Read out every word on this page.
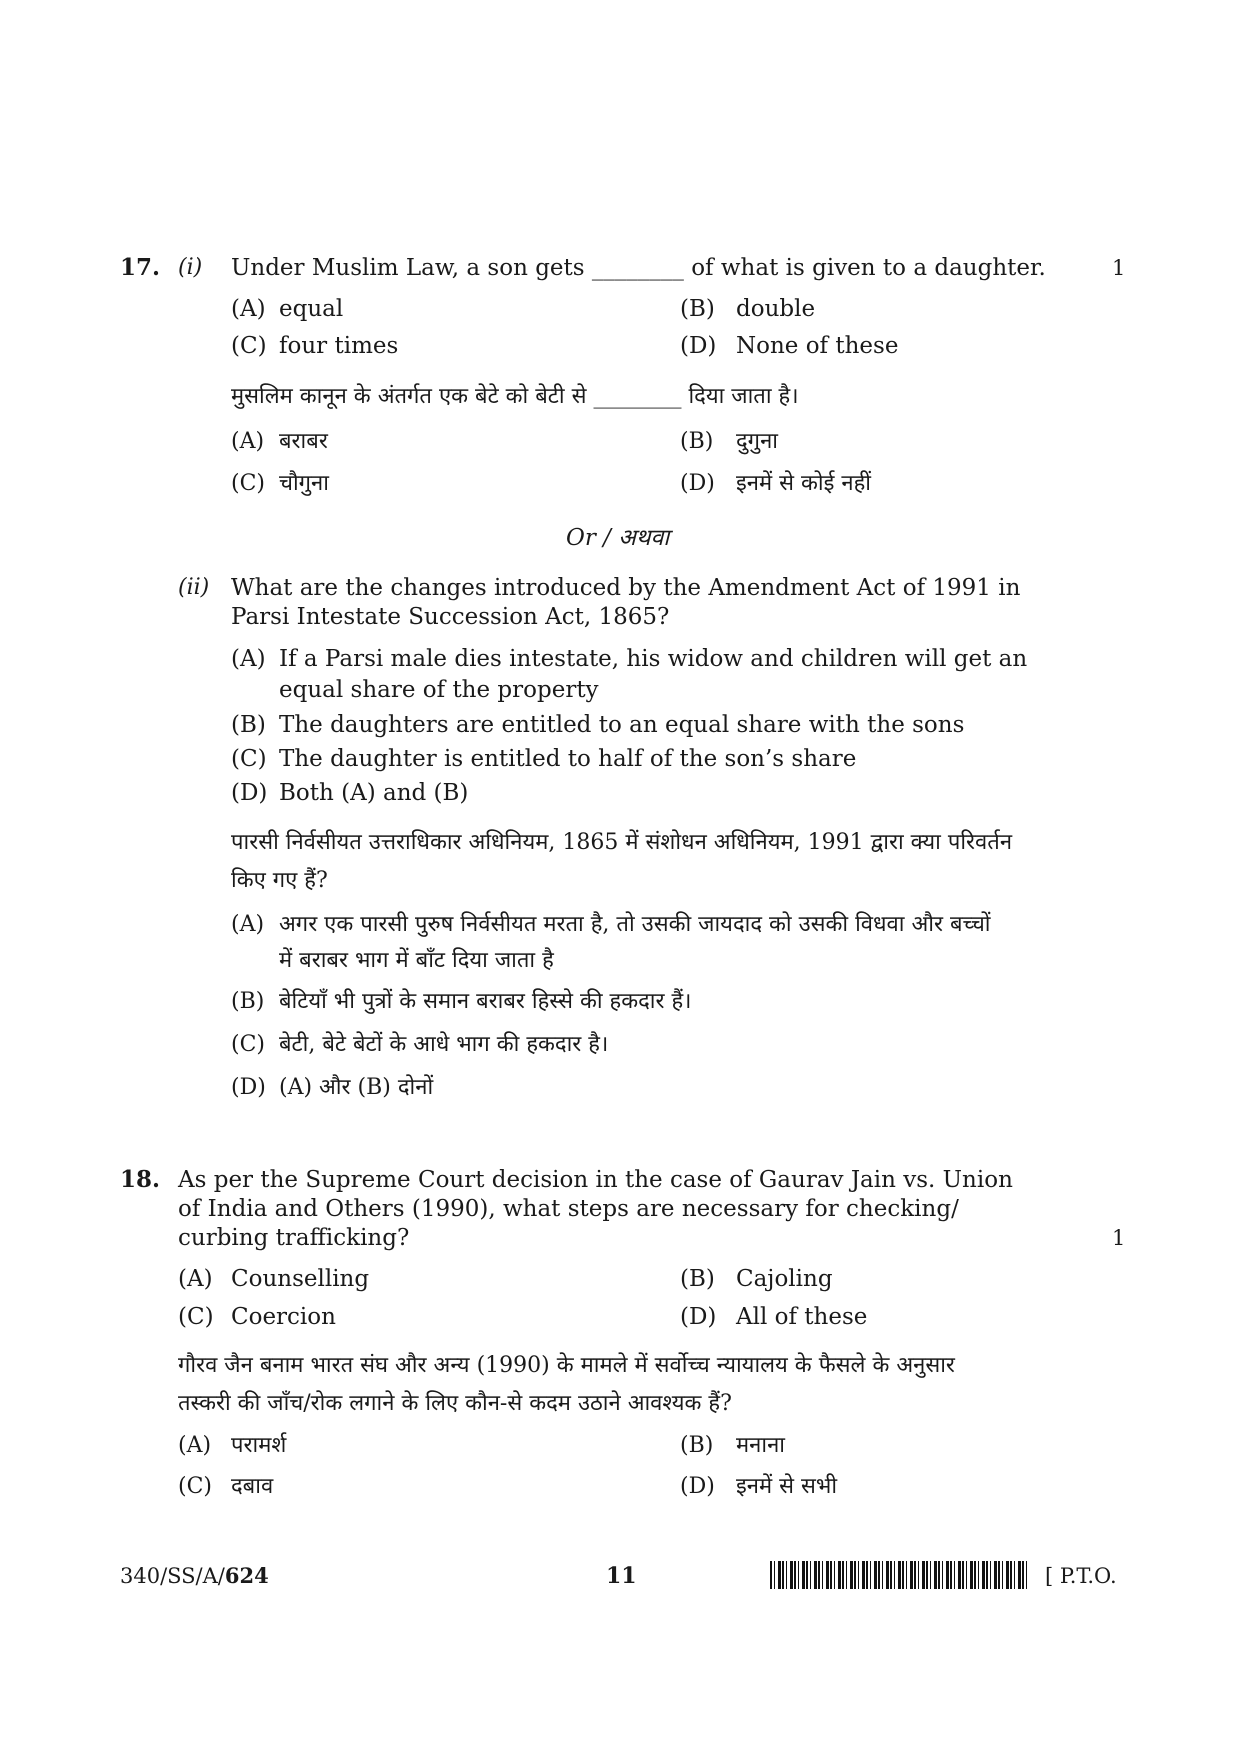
17. (i) Under Muslim Law, a son gets ________ of what is given to a daughter.	1
(A) equal	(B) double
(C) four times	(D) None of these
मुसलिम कानून के अंतर्गत एक बेटे को बेटी से ________ दिया जाता है।
(A) बराबर	(B) दुगुना
(C) चौगुना	(D) इनमें से कोई नहीं
Or / अथवा
(ii) What are the changes introduced by the Amendment Act of 1991 in
Parsi Intestate Succession Act, 1865?
(A) If a Parsi male dies intestate, his widow and children will get an
equal share of the property
(B) The daughters are entitled to an equal share with the sons
(C) The daughter is entitled to half of the son’s share
(D) Both (A) and (B)
पारसी निर्वसीयत उत्तराधिकार अधिनियम, 1865 में संशोधन अधिनियम, 1991 द्वारा क्या परिवर्तन
किए गए हैं?
(A) अगर एक पारसी पुरुष निर्वसीयत मरता है, तो उसकी जायदाद को उसकी विधवा और बच्चों
में बराबर भाग में बाँट दिया जाता है
(B) बेटियाँ भी पुत्रों के समान बराबर हिस्से की हकदार हैं।
(C) बेटी, बेटे बेटों के आधे भाग की हकदार है।
(D) (A) और (B) दोनों
18. As per the Supreme Court decision in the case of Gaurav Jain vs. Union
of India and Others (1990), what steps are necessary for checking/
curbing trafficking?	1
(A) Counselling	(B) Cajoling
(C) Coercion	(D) All of these
गौरव जैन बनाम भारत संघ और अन्य (1990) के मामले में सर्वोच्च न्यायालय के फैसले के अनुसार
तस्करी की जाँच/रोक लगाने के लिए कौन-से कदम उठाने आवश्यक हैं?
(A) परामर्श	(B) मनाना
(C) दबाव	(D) इनमें से सभी
340/SS/A/624	11	[ P.T.O.
